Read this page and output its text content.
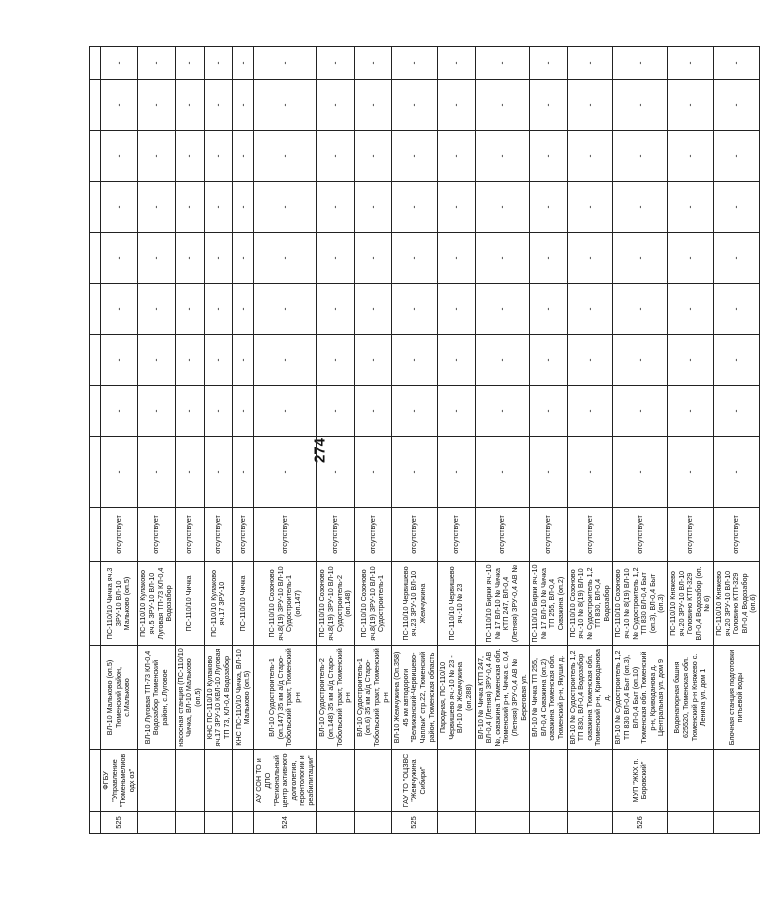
274

525	ФГБУ "Управление "Тюменьмелиоводх оз"	ВЛ-10 Мальково (оп.5) Тюменский район, с.Мальково	ПС-110/10 Чичка яч.3 ЗРУ-10 ВЛ-10 Мальково (оп.5)	отсутствует	-	-	-	-	-	-	-	-	-
		ВЛ-10 Луговая ТП-73 КЛ-0,4 Водозабор Тюменский район, с.Луговое	ПС-110/10 Кулаково яч.5 ЗРУ-10 ВЛ-10 Луговая ТП-73 КЛ-0,4 Водозабор	отсутствует	-	-	-	-	-	-	-	-	-
		насосная станция (ПС-110/10 Чичка, ВЛ-10 Мальково (оп.5)	ПС-110/10 Чичка	отсутствует	-	-	-	-	-	-	-	-	-
		КНС ПС-110/10 Кулаково яч.17 ЗРУ-10 КВЛ-10 Луговая ТП 73, КЛ-0,4 Водозабор	ПС-110/10 Кулаково яч.17 ЗРУ-10	отсутствует	-	-	-	-	-	-	-	-	-
		КНС ПС-110/10 Чичка, ВЛ-10 Мальково (оп.5)	ПС-110/10 Чичка	отсутствует	-	-	-	-	-	-	-	-	-
524	АУ СОН ТО и ДПО "Региональный центр активного долголетия, геронтологии и реабилитации"	ВЛ-10 Судостроитель-1 (оп.147) 35 км а/д Старо-Тобольский тракт, Тюменский р-н	ПС-110/10 Созоново яч.8(19) ЗРУ-10 ВЛ-10 Судостроитель-1 (оп.147)	отсутствует	-	-	-	-	-	-	-	-	-
		ВЛ-10 Судостроитель-2 (оп.148) 35 км а/д Старо-Тобольский тракт, Тюменский р-н	ПС-110/10 Созоново яч.8(19) ЗРУ-10 ВЛ-10 Судостроитель-2 (оп.148)	отсутствует	-	-	-	-	-	-	-	-	-
		ВЛ-10 Судостроитель-1 (оп.6) 35 км а/д Старо-Тобольский тракт, Тюменский р-н	ПС-110/10 Созоново яч.8(19) ЗРУ-10 ВЛ-10 Судостроитель-1	отсутствует	-	-	-	-	-	-	-	-	-
525	ГАУ ТО "ОЦЗВС "Жемчужина Сибири"	ВЛ-10 Жемчужина (Оп.358) 45 км автодороги "Велижанский-Червишево-Чаплык" стр.22, Тюменский район, Тюменская область	ПС-110/10 Червишево яч.23 ЗРУ-10 ВЛ-10 Жемчужина	отсутствует	-	-	-	-	-	-	-	-	-
		Пародная, ПС-110/10 Червишево яч.-10 № 23 - ВЛ-10 № Жемчужина (оп.288)	ПС-110/10 Червишево яч.-10 № 23	отсутствует	-	-	-	-	-	-	-	-	-
		ВЛ-10 № Чичка КТП 247, ВЛ-0,4 (Летняя) ЗРУ-0,4 АВ №, скважина Тюменская обл. Тюменский р-н, Чичка с. 0,4 (Летняя) ЗРУ-0,4 АВ № Береговая ул.	ПС-110/10 Бирки яч.-10 № 17 ВЛ-10 № Чичка КТП 247, ВЛ-0,4 (Летняя) ЗРУ-0,4 АВ №	отсутствует	-	-	-	-	-	-	-	-	-
		ВЛ-10 № Чичка ТП 255, ВЛ-0,4 Скважина (оп.2) скважина Тюменская обл. Тюменский р-н, Якуши д.	ПС-110/10 Бирки яч.-10 № 17 ВЛ-10 № Чичка ТП 255, ВЛ-0,4 Скважина (оп.2)	отсутствует	-	-	-	-	-	-	-	-	-
		ВЛ-10 № Судостроитель 1,2 ТП 830, ВЛ-0,4 Водозабор скважина Тюменская обл. Тюменский р-н, Криводанова д.	ПС-110/10 Созоново яч.-10 № 8(19) ВЛ-10 № Судостроитель 1,2 ТП 830, ВЛ-0,4 Водозабор	отсутствует	-	-	-	-	-	-	-	-	-
526	МУП "ЖКХ п. Боровский"	ВЛ-10 № Судостроитель 1,2 ТП 830 ВЛ-0,4 Быт (оп.3), ВЛ-0,4 Быт (оп.10) Тюменская обл. Тюменский р-н, Криводанова д. Центральная ул. дом 9	ПС-110/10 Созоново яч.-10 № 8(19) ВЛ-10 № Судостроитель 1,2 ТП 830 ВЛ-0,4 Быт (оп.3), ВЛ-0,4 Быт (оп.3)	отсутствует	-	-	-	-	-	-	-	-	-
		Водонапорная башня 625520, Тюменская обл. Тюменский р-н Княжево с. Ленина ул. дом 1	ПС-110/10 Княжево яч.20 ЗРУ-10 ВЛ-10 Головино КТП-329 ВЛ-0,4 Водозабор (оп. № 6)	отсутствует	-	-	-	-	-	-	-	-	-
		Блочная станция подготовки питьевой воды	ПС-110/10 Княжево яч.20 ЗРУ-10 ВЛ-10 Головино КТП-329 ВЛ-0,4 Водозабор (оп.6)	отсутствует	-	-	-	-	-	-	-	-	-
